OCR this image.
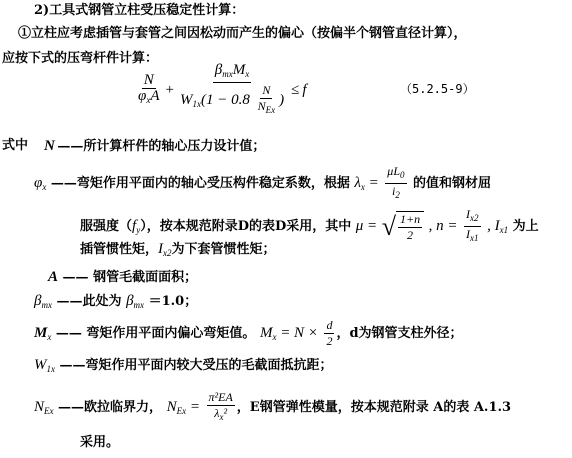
2)工具式钢管立柱受压稳定性计算：
①立柱应考虑插管与套管之间因松动而产生的偏心（按偏半个钢管直径计算），
应按下式的压弯杆件计算：
$\frac{N}{\varphi_xA} + \frac{\beta_{mx}M_x}{W_{1x}(1 - 0.8 \frac{N}{N_{Ex}} )} \le f$	（5.2.5-9）
式中 N ——所计算杆件的轴心压力设计值；
$\varphi_x$ ——弯矩作用平面内的轴心受压构件稳定系数，根据 $\lambda_x = \frac{\mu L_0}{i_2}$ 的值和钢材屈
服强度$(f_y)$，按本规范附录D的表D采用，其中 μ = √ $\frac{1+n}{2}$ , $n = \frac{I_{x2}}{I_{x1}}$ , $I_{x1}$ 为上
插管惯性矩，$I_{x2}$为下套管惯性矩；
A —— 钢管毛截面面积；
$\beta_{mx}$ ——此处为 $\beta_{mx} =1.0$；
$M_x$ —— 弯矩作用平面内偏心弯矩值。 $M_x = N \times \frac{d}{2}$ ，d为钢管支柱外径；
$W_{1x}$ ——弯矩作用平面内较大受压的毛截面抵抗距；
$N_{Ex}$ ——欧拉临界力， $N_{Ex} = \frac{\text{π²EA}}{\lambda_x^2}$ ，E钢管弹性模量，按本规范附录 A的表 A.1.3
采用。
